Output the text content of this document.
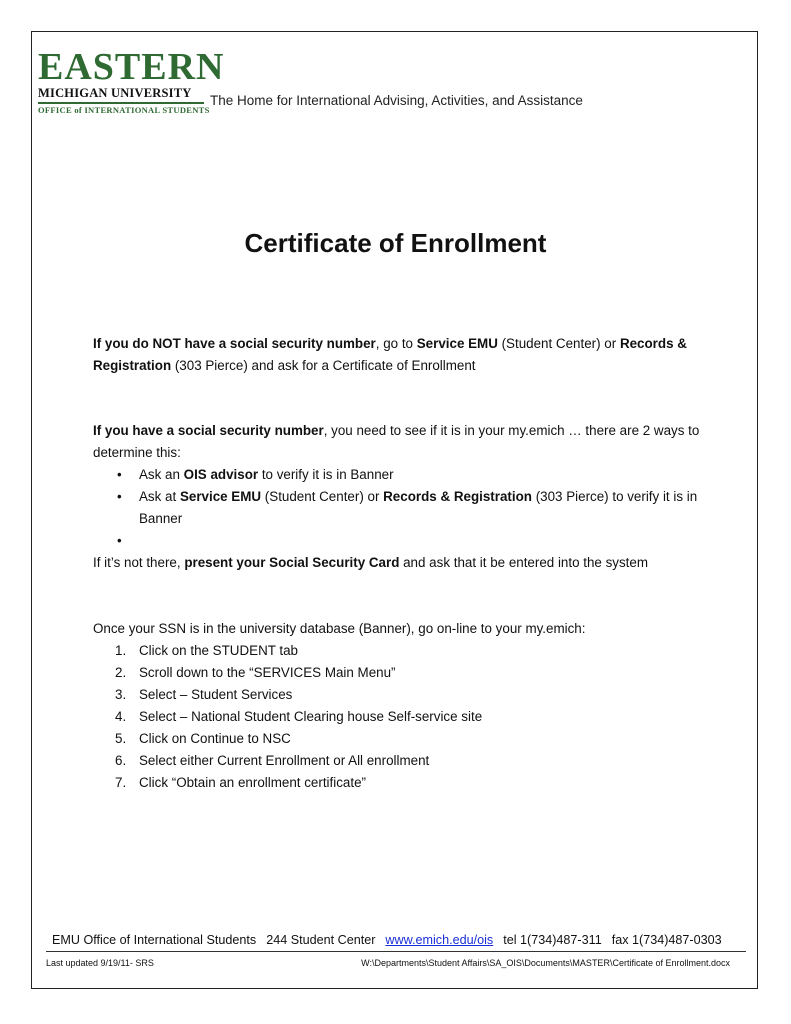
EASTERN
MICHIGAN UNIVERSITY
OFFICE of INTERNATIONAL STUDENTS
The Home for International Advising, Activities, and Assistance
Certificate of Enrollment
If you do NOT have a social security number, go to Service EMU (Student Center) or Records & Registration (303 Pierce) and ask for a Certificate of Enrollment
If you have a social security number, you need to see if it is in your my.emich … there are 2 ways to determine this:
• Ask an OIS advisor to verify it is in Banner
• Ask at Service EMU (Student Center) or Records & Registration (303 Pierce) to verify it is in Banner
•

If it’s not there, present your Social Security Card and ask that it be entered into the system
Once your SSN is in the university database (Banner), go on-line to your my.emich:
1. Click on the STUDENT tab
2. Scroll down to the “SERVICES Main Menu”
3. Select – Student Services
4. Select – National Student Clearing house Self-service site
5. Click on Continue to NSC
6. Select either Current Enrollment or All enrollment
7. Click “Obtain an enrollment certificate”
EMU Office of International Students 244 Student Center www.emich.edu/ois tel 1(734)487-311 fax 1(734)487-0303
Last updated 9/19/11- SRS	W:\Departments\Student Affairs\SA_OIS\Documents\MASTER\Certificate of Enrollment.docx
